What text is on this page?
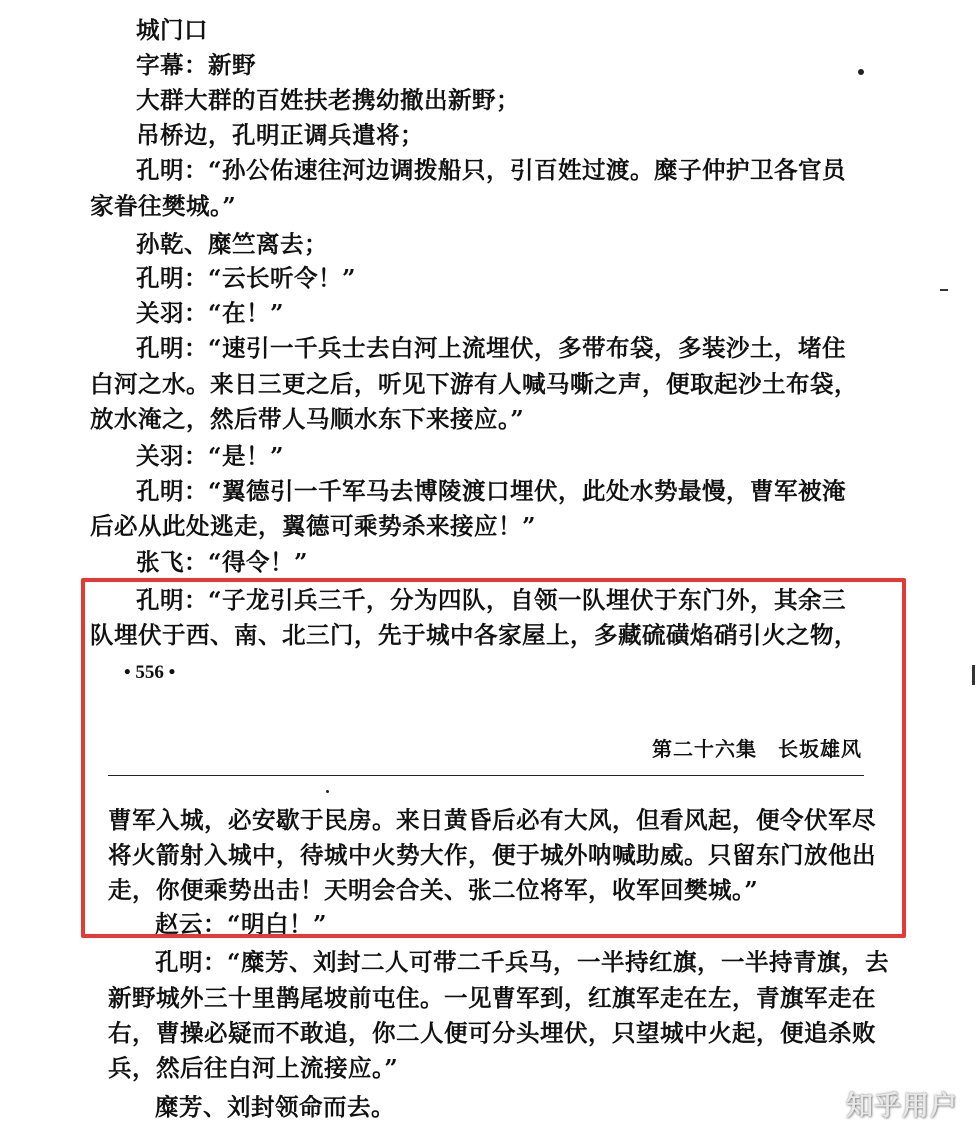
城门口
字幕：新野
大群大群的百姓扶老携幼撤出新野；
吊桥边，孔明正调兵遣将；
孔明：“孙公佑速往河边调拨船只，引百姓过渡。糜子仲护卫各官员
家眷往樊城。”
孙乾、糜竺离去；
孔明：“云长听令！”
关羽：“在！”
孔明：“速引一千兵士去白河上流埋伏，多带布袋，多装沙土，堵住
白河之水。来日三更之后，听见下游有人喊马嘶之声，便取起沙土布袋，
放水淹之，然后带人马顺水东下来接应。”
关羽：“是！”
孔明：“翼德引一千军马去博陵渡口埋伏，此处水势最慢，曹军被淹
后必从此处逃走，翼德可乘势杀来接应！”
张飞：“得令！”
孔明：“子龙引兵三千，分为四队，自领一队埋伏于东门外，其余三
队埋伏于西、南、北三门，先于城中各家屋上，多藏硫磺焰硝引火之物，
• 556 •
第二十六集　长坂雄风
曹军入城，必安歇于民房。来日黄昏后必有大风，但看风起，便令伏军尽
将火箭射入城中，待城中火势大作，便于城外呐喊助威。只留东门放他出
走，你便乘势出击！天明会合关、张二位将军，收军回樊城。”
赵云：“明白！”
孔明：“糜芳、刘封二人可带二千兵马，一半持红旗，一半持青旗，去
新野城外三十里鹊尾坡前屯住。一见曹军到，红旗军走在左，青旗军走在
右，曹操必疑而不敢追，你二人便可分头埋伏，只望城中火起，便追杀败
兵，然后往白河上流接应。”
糜芳、刘封领命而去。	知乎用户
